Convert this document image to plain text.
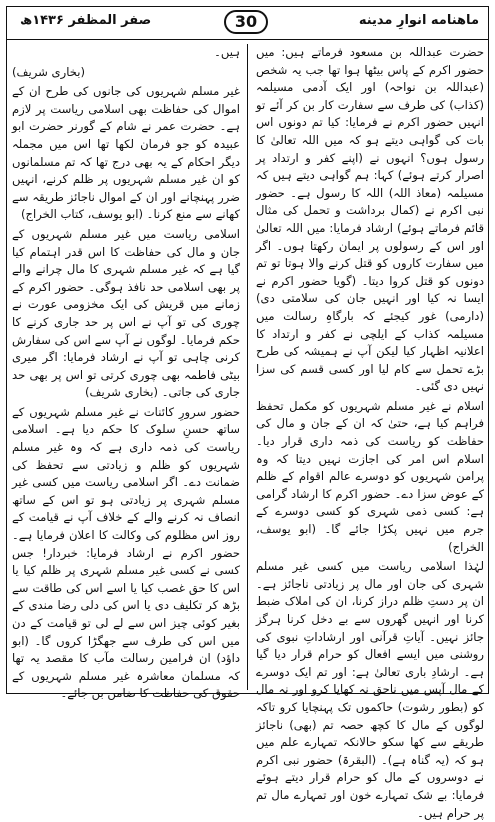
صفر المظفر ۱۴۳۶ھ	30	ماهنامه انوارِ مدینه

حضرت عبداللہ بن مسعود فرماتے ہیں: میں حضور اکرم کے پاس بیٹھا ہوا تھا جب یہ شخص (عبداللہ بن نواحہ) اور ایک آدمی مسیلمہ (کذاب) کی طرف سے سفارت کار بن کر آئے تو انہیں حضور اکرم نے فرمایا: کیا تم دونوں اس بات کی گواہی دیتے ہو کہ میں اللہ تعالیٰ کا رسول ہوں؟ انہوں نے (اپنے کفر و ارتداد پر اصرار کرتے ہوئے) کہا: ہم گواہی دیتے ہیں کہ مسیلمہ (معاذ اللہ) اللہ کا رسول ہے۔ حضور نبی اکرم نے (کمال برداشت و تحمل کی مثال قائم فرماتے ہوئے) ارشاد فرمایا: میں اللہ تعالیٰ اور اس کے رسولوں پر ایمان رکھتا ہوں۔ اگر میں سفارت کاروں کو قتل کرنے والا ہوتا تو تم دونوں کو قتل کروا دیتا۔ (گویا حضور اکرم نے ایسا نہ کیا اور انہیں جان کی سلامتی دی) (دارمی) غور کیجئے کہ بارگاہِ رسالت میں مسیلمہ کذاب کے ایلچی نے کفر و ارتداد کا اعلانیہ اظہار کیا لیکن آپ نے ہمیشہ کی طرح بڑے تحمل سے کام لیا اور کسی قسم کی سزا نہیں دی گئی۔

اسلام نے غیر مسلم شہریوں کو مکمل تحفظ فراہم کیا ہے، حتیٰ کہ ان کے جان و مال کی حفاظت کو ریاست کی ذمہ داری قرار دیا۔ اسلام اس امر کی اجازت نہیں دیتا کہ وہ پرامن شہریوں کو دوسرے عالم اقوام کے ظلم کے عوض سزا دے۔ حضور اکرم کا ارشاد گرامی ہے: کسی ذمی شہری کو کسی دوسرے کے جرم میں نہیں پکڑا جائے گا۔ (ابو یوسف، الخراج)

لہٰذا اسلامی ریاست میں کسی غیر مسلم شہری کی جان اور مال پر زیادتی ناجائز ہے۔ ان پر دستِ ظلم دراز کرنا، ان کی املاک ضبط کرنا اور انہیں گھروں سے بے دخل کرنا ہرگز جائز نہیں۔ آیاتِ قرآنی اور ارشاداتِ نبوی کی روشنی میں ایسے افعال کو حرام قرار دیا گیا ہے۔ ارشادِ باری تعالیٰ ہے: اور تم ایک دوسرے کے مال آپس میں ناحق نہ کھایا کرو اور نہ مال کو (بطور رشوت) حاکموں تک پہنچایا کرو تاکہ لوگوں کے مال کا کچھ حصہ تم (بھی) ناجائز طریقے سے کھا سکو حالانکہ تمہارے علم میں ہو کہ (یہ گناہ ہے)۔ (البقرۃ) حضور نبی اکرم نے دوسروں کے مال کو حرام قرار دیتے ہوئے فرمایا: بے شک تمہارے خون اور تمہارے مال تم پر حرام ہیں۔

ہیں۔

(بخاری شریف)

غیر مسلم شہریوں کی جانوں کی طرح ان کے اموال کی حفاظت بھی اسلامی ریاست پر لازم ہے۔ حضرت عمر نے شام کے گورنر حضرت ابو عبیدہ کو جو فرمان لکھا تھا اس میں مجملہ دیگر احکام کے یہ بھی درج تھا کہ تم مسلمانوں کو ان غیر مسلم شہریوں پر ظلم کرنے، انہیں ضرر پہنچانے اور ان کے اموال ناجائز طریقہ سے کھانے سے منع کرنا۔ (ابو یوسف، کتاب الخراج)

اسلامی ریاست میں غیر مسلم شہریوں کے جان و مال کی حفاظت کا اس قدر اہتمام کیا گیا ہے کہ غیر مسلم شہری کا مال چرانے والے پر بھی اسلامی حد نافذ ہوگی۔ حضور اکرم کے زمانے میں قریش کی ایک مخزومی عورت نے چوری کی تو آپ نے اس پر حد جاری کرنے کا حکم فرمایا۔ لوگوں نے آپ سے اس کی سفارش کرنی چاہی تو آپ نے ارشاد فرمایا: اگر میری بیٹی فاطمہ بھی چوری کرتی تو اس پر بھی حد جاری کی جاتی۔ (بخاری شریف)

حضور سرورِ کائنات نے غیر مسلم شہریوں کے ساتھ حسنِ سلوک کا حکم دیا ہے۔ اسلامی ریاست کی ذمہ داری ہے کہ وہ غیر مسلم شہریوں کو ظلم و زیادتی سے تحفظ کی ضمانت دے۔ اگر اسلامی ریاست میں کسی غیر مسلم شہری پر زیادتی ہو تو اس کے ساتھ انصاف نہ کرنے والے کے خلاف آپ نے قیامت کے روز اس مظلوم کی وکالت کا اعلان فرمایا ہے۔ حضور اکرم نے ارشاد فرمایا: خبردار! جس کسی نے کسی غیر مسلم شہری پر ظلم کیا یا اس کا حق غصب کیا یا اسے اس کی طاقت سے بڑھ کر تکلیف دی یا اس کی دلی رضا مندی کے بغیر کوئی چیز اس سے لے لی تو قیامت کے دن میں اس کی طرف سے جھگڑا کروں گا۔ (ابو داؤد) ان فرامین رسالت مآب کا مقصد یہ تھا کہ مسلمان معاشرہ غیر مسلم شہریوں کے حقوق کی حفاظت کا ضامن بن جائے۔
